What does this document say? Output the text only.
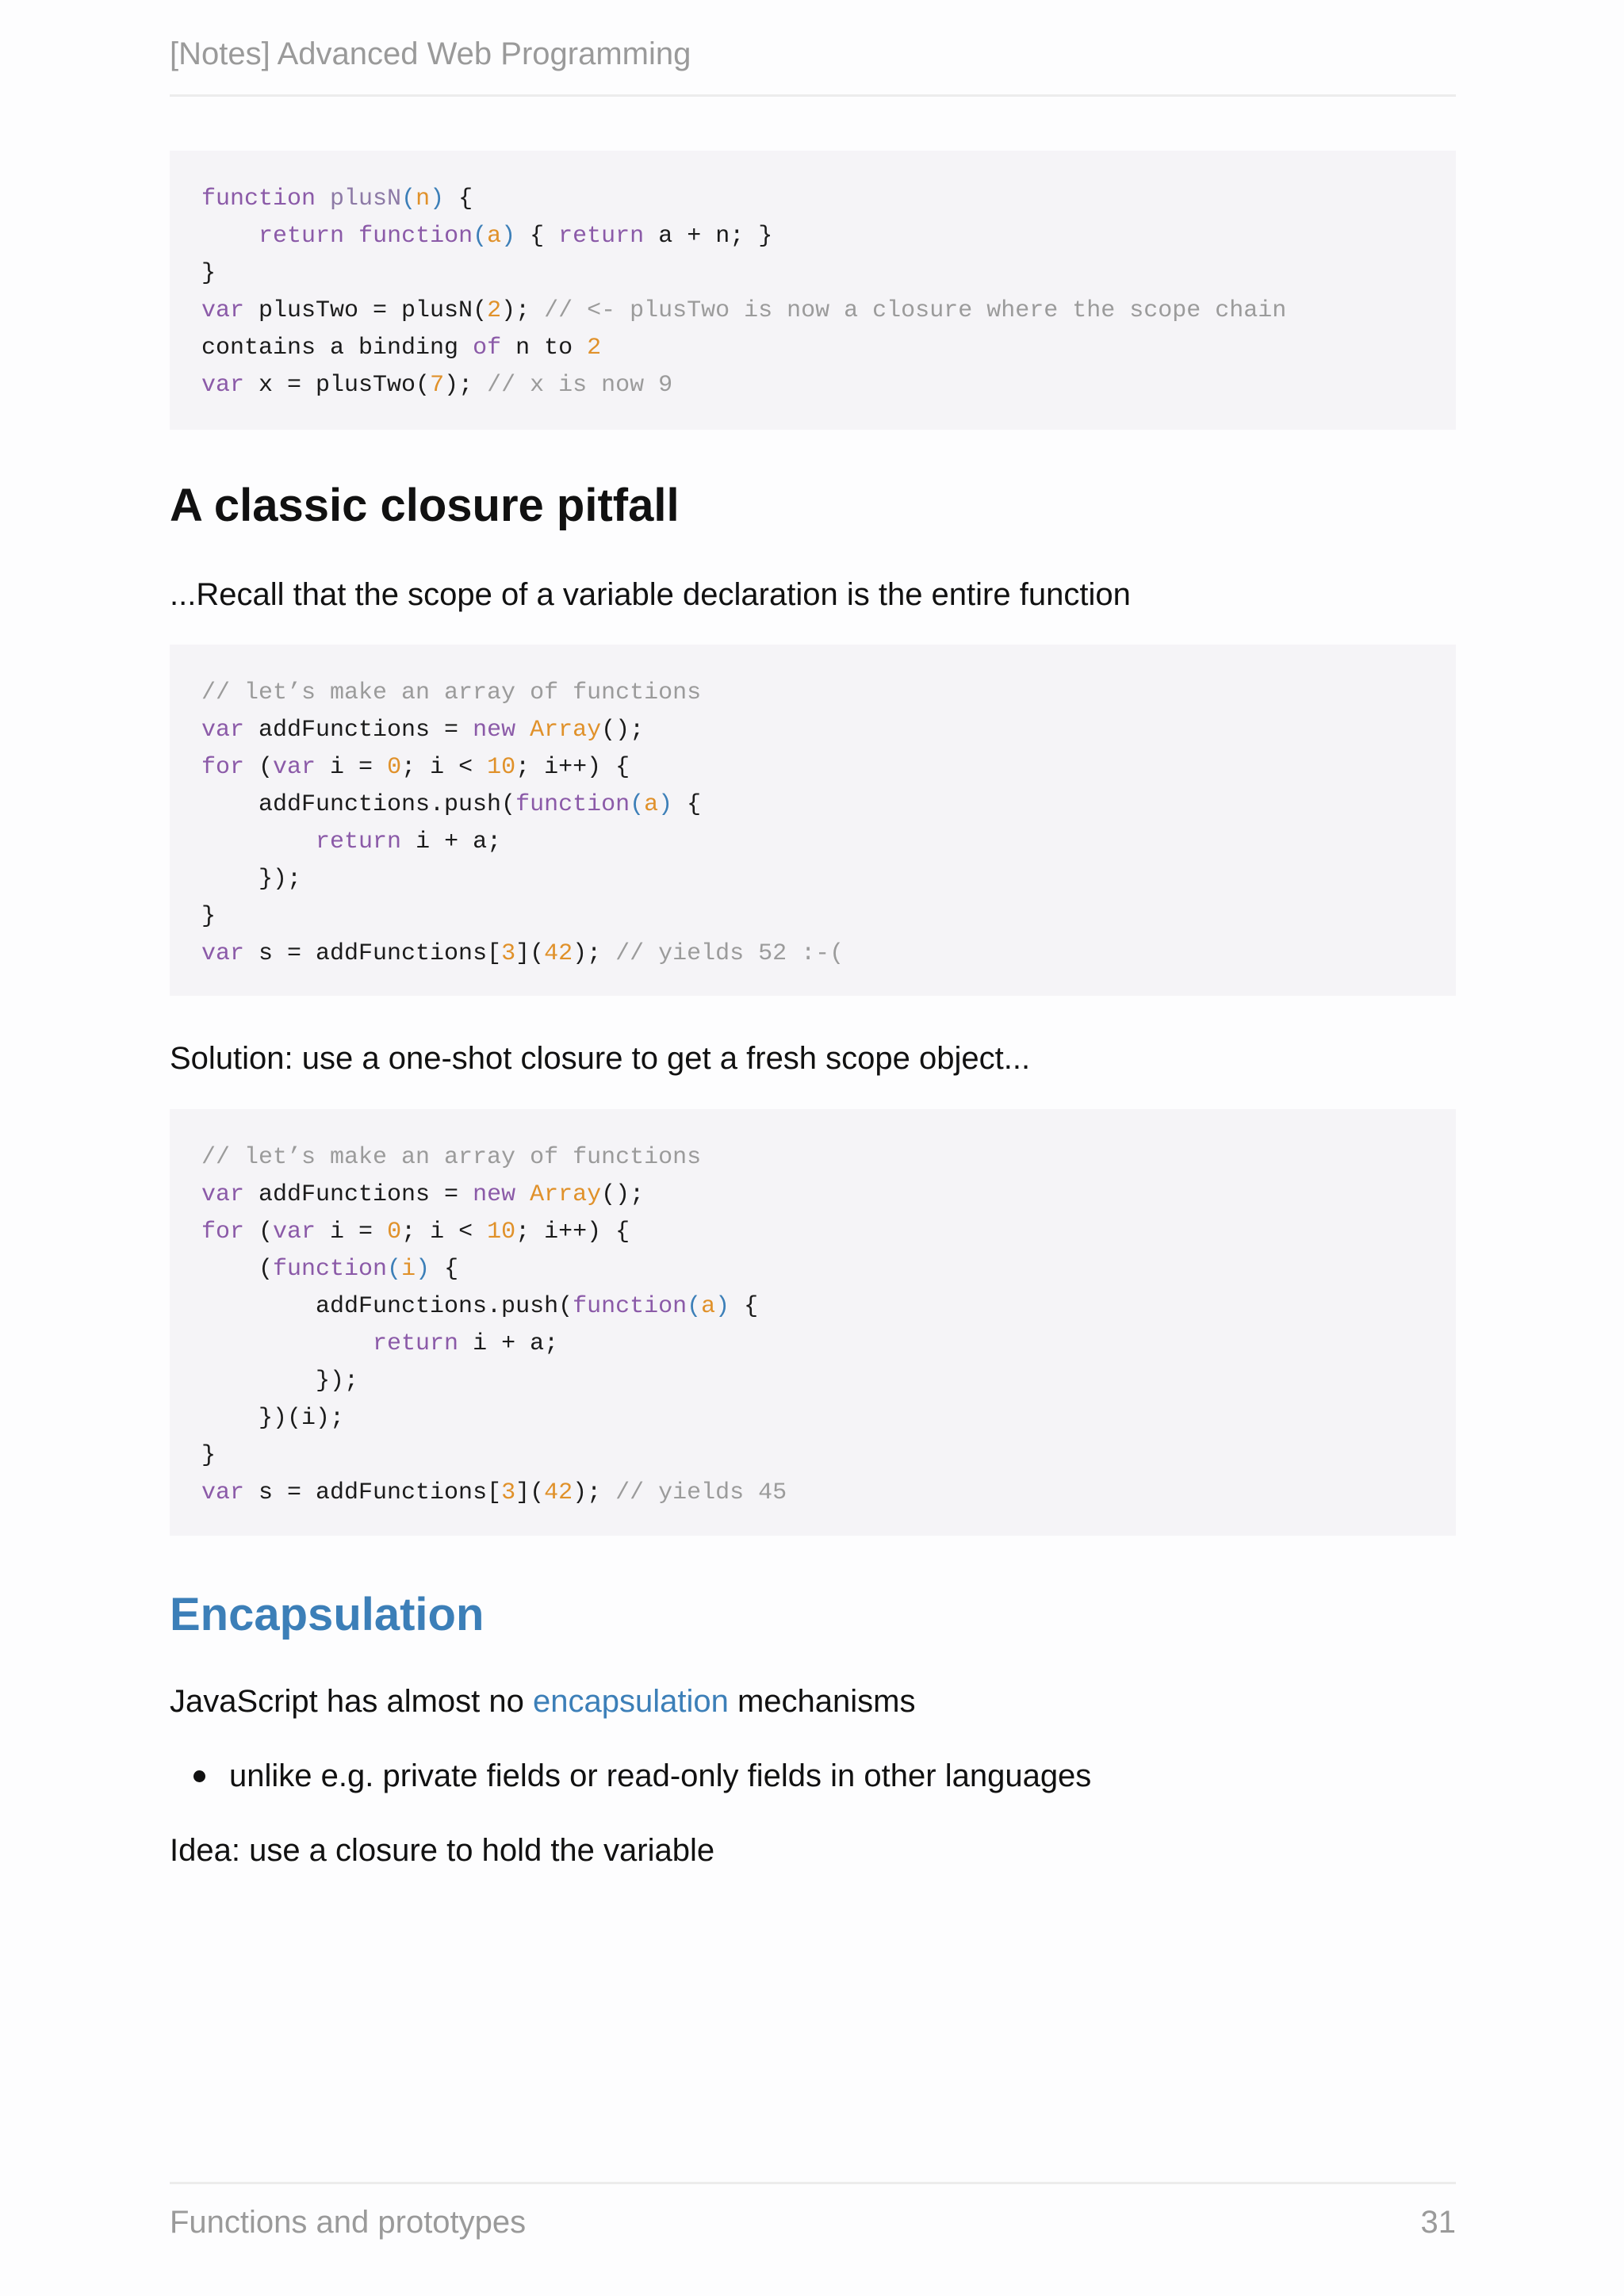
[Notes] Advanced Web Programming
function plusN(n) {
return function(a) { return a + n; }
}
var plusTwo = plusN(2); // <- plusTwo is now a closure where the scope chain
contains a binding of n to 2
var x = plusTwo(7); // x is now 9
A classic closure pitfall

...Recall that the scope of a variable declaration is the entire function

// let’s make an array of functions
var addFunctions = new Array();
for (var i = 0; i < 10; i++) {
addFunctions.push(function(a) {
return i + a;
});
}
var s = addFunctions[3](42); // yields 52 :-(

Solution: use a one-shot closure to get a fresh scope object...

// let’s make an array of functions
var addFunctions = new Array();
for (var i = 0; i < 10; i++) {
(function(i) {
addFunctions.push(function(a) {
return i + a;
});
})(i);
}
var s = addFunctions[3](42); // yields 45
Encapsulation

JavaScript has almost no encapsulation mechanisms

unlike e.g. private fields or read-only fields in other languages

Idea: use a closure to hold the variable

Functions and prototypes	31
